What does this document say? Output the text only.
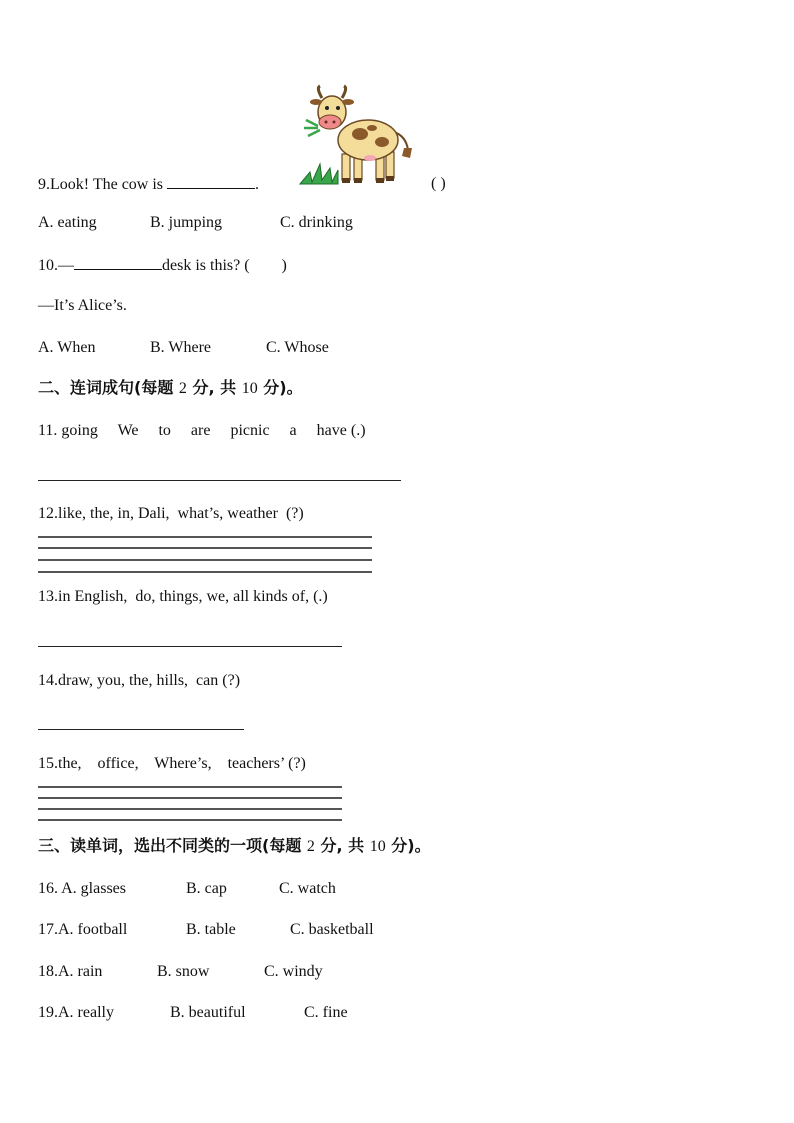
9.Look! The cow is	.	( )
A. eating	B. jumping	C. drinking
10.—	desk is this? (        )
—It’s Alice’s.
A. When	B. Where	C. Whose
二、连词成句(每题 2 分, 共 10 分)。
11. going     We     to     are     picnic     a     have (.)
12.like, the, in, Dali,  what’s, weather  (?)
13.in English,  do, things, we, all kinds of, (.)
14.draw, you, the, hills,  can (?)
15.the,    office,    Where’s,    teachers’ (?)
三、读单词，选出不同类的一项(每题 2 分, 共 10 分)。
16. A. glasses	B. cap	C. watch
17.A. football	B. table	C. basketball
18.A. rain	B. snow	C. windy
19.A. really	B. beautiful	C. fine
